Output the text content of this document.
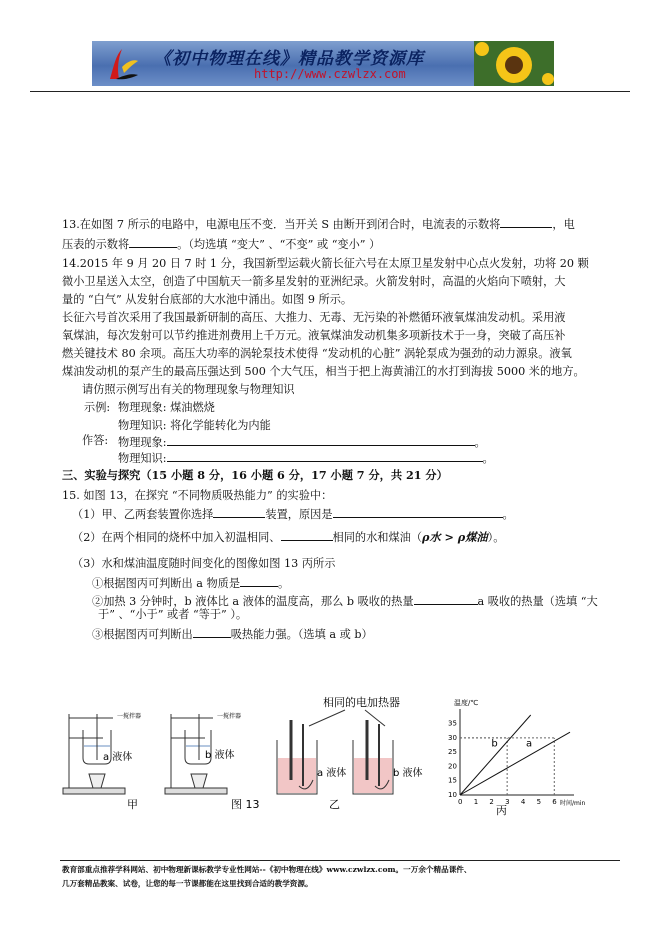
《初中物理在线》精品教学资源库
http://www.czwlzx.com
13.在如图 7 所示的电路中，电源电压不变．当开关 S 由断开到闭合时，电流表的示数将	，电
压表的示数将	。（均选填 “变大” 、“不变” 或 “变小” ）
14.2015 年 9 月 20 日 7 时 1 分，我国新型运载火箭长征六号在太原卫星发射中心点火发射，功将 20 颗
微小卫星送入太空，创造了中国航天一箭多星发射的亚洲纪录。火箭发射时，高温的火焰向下喷射，大
量的 “白气” 从发射台底部的大水池中涌出。如图 9 所示。
长征六号首次采用了我国最新研制的高压、大推力、无毒、无污染的补燃循环液氧煤油发动机。采用液
氧煤油，每次发射可以节约推进剂费用上千万元。液氧煤油发动机集多项新技术于一身，突破了高压补
燃关键技术 80 余项。高压大功率的涡轮泵技术使得 “发动机的心脏” 涡轮泵成为强劲的动力源泉。液氧
煤油发动机的泵产生的最高压强达到 500 个大气压，相当于把上海黄浦江的水打到海拔 5000 米的地方。
请仿照示例写出有关的物理现象与物理知识
示例: 物理现象: 煤油燃烧
物理知识: 将化学能转化为内能
作答: 物理现象:	。
物理知识:	。
三、实验与探究（15 小题 8 分，16 小题 6 分，17 小题 7 分，共 21 分）
15. 如图 13，在探究 “不同物质吸热能力” 的实验中：
（1）甲、乙两套装置你选择	装置，原因是	。
（2）在两个相同的烧杯中加入初温相同、	相同的水和煤油（ρ水 > ρ煤油）。
（3）水和煤油温度随时间变化的图像如图 13 丙所示
①根据图丙可判断出 a 物质是	。
②加热 3 分钟时，b 液体比 a 液体的温度高，那么 b 吸收的热量	a 吸收的热量（选填 “大
于” 、“小于” 或者 “等于” ）。
③根据图丙可判断出	吸热能力强。（选填 a 或 b）
a 液体
一搅拌器
甲
b 液体
一搅拌器
图 13
相同的电加热器
a 液体	b 液体
乙	0 1 2 3 4 5 6
10
15
20
25
30
35
温度/℃
时间/min
a
b
丙
教育部重点推荐学科网站、初中物理新课标教学专业性网站--《初中物理在线》www.czwlzx.com。一万余个精品课件、
几万套精品教案、试卷，让您的每一节课都能在这里找到合适的教学资源。
